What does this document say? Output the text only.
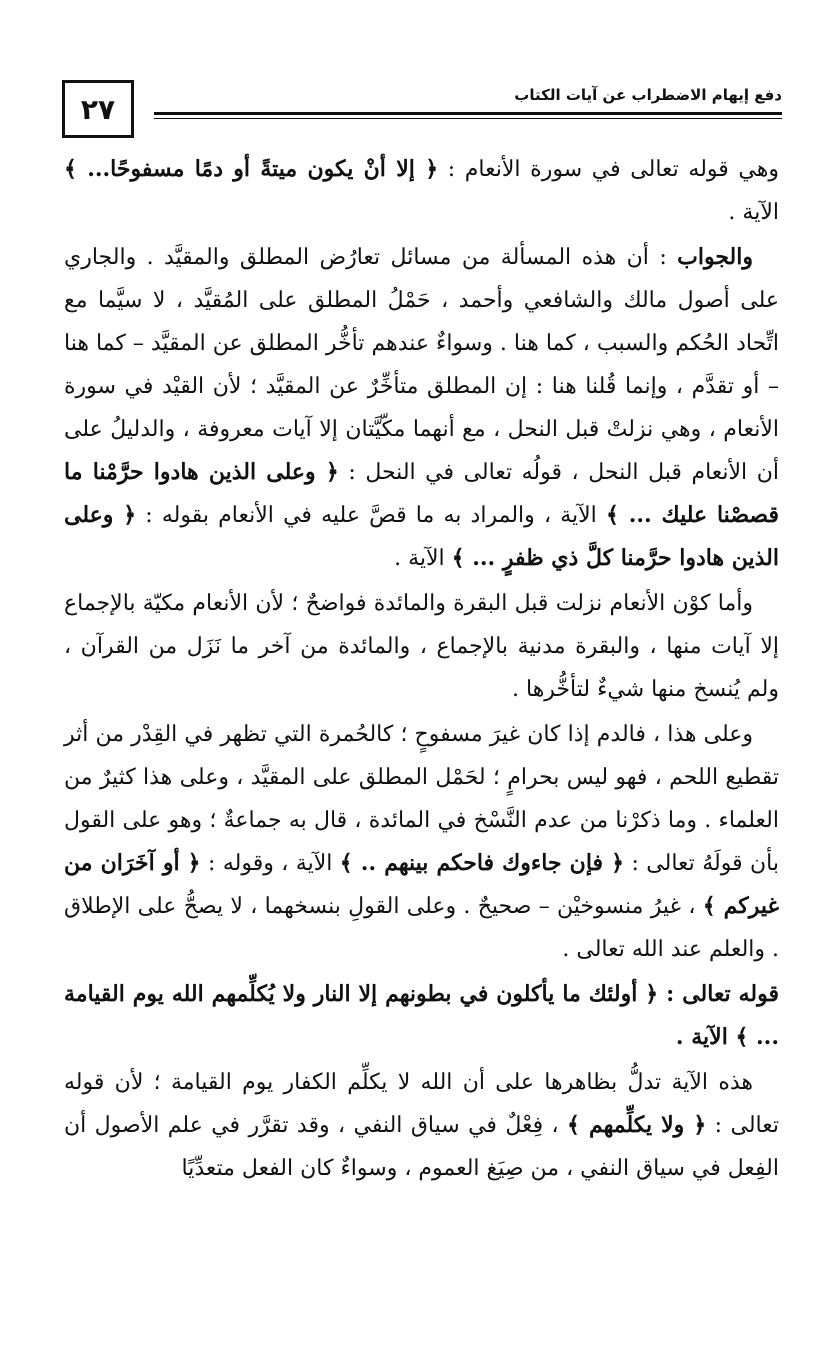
٢٧	دفع إيهام الاضطراب عن آيات الكتاب

وهي قوله تعالى في سورة الأنعام : ﴿ إلا أنْ يكون ميتةً أو دمًا مسفوحًا... ﴾ الآية .

والجواب : أن هذه المسألة من مسائل تعارُض المطلق والمقيَّد . والجاري على أصول مالك والشافعي وأحمد ، حَمْلُ المطلق على المُقيَّد ، لا سيَّما مع اتِّحاد الحُكم والسبب ، كما هنا . وسواءٌ عندهم تأخُّر المطلق عن المقيَّد – كما هنا – أو تقدَّم ، وإنما قُلنا هنا : إن المطلق متأخِّرٌ عن المقيَّد ؛ لأن القيْد في سورة الأنعام ، وهي نزلتْ قبل النحل ، مع أنهما مكّيَّتان إلا آيات معروفة ، والدليلُ على أن الأنعام قبل النحل ، قولُه تعالى في النحل : ﴿ وعلى الذين هادوا حرَّمْنا ما قصصْنا عليك ... ﴾ الآية ، والمراد به ما قصَّ عليه في الأنعام بقوله : ﴿ وعلى الذين هادوا حرَّمنا كلَّ ذي ظفرٍ ... ﴾ الآية .

وأما كوْن الأنعام نزلت قبل البقرة والمائدة فواضحٌ ؛ لأن الأنعام مكيّة بالإجماع إلا آيات منها ، والبقرة مدنية بالإجماع ، والمائدة من آخر ما نَزَل من القرآن ، ولم يُنسخ منها شيءٌ لتأخُّرها .

وعلى هذا ، فالدم إذا كان غيرَ مسفوحٍ ؛ كالحُمرة التي تظهر في القِدْر من أثر تقطيع اللحم ، فهو ليس بحرامٍ ؛ لحَمْل المطلق على المقيَّد ، وعلى هذا كثيرٌ من العلماء . وما ذكرْنا من عدم النَّسْخ في المائدة ، قال به جماعةٌ ؛ وهو على القول بأن قولَهُ تعالى : ﴿ فإن جاءوك فاحكم بينهم .. ﴾ الآية ، وقوله : ﴿ أو آخَرَان من غيركم ﴾ ، غيرُ منسوخيْن – صحيحٌ . وعلى القولِ بنسخهما ، لا يصحُّ على الإطلاق . والعلم عند الله تعالى .

قوله تعالى : ﴿ أولئك ما يأكلون في بطونهم إلا النار ولا يُكلِّمهم الله يوم القيامة ... ﴾ الآية .

هذه الآية تدلُّ بظاهرها على أن الله لا يكلِّم الكفار يوم القيامة ؛ لأن قوله تعالى : ﴿ ولا يكلِّمهم ﴾ ، فِعْلٌ في سياق النفي ، وقد تقرَّر في علم الأصول أن الفِعل في سياق النفي ، من صِيَغ العموم ، وسواءٌ كان الفعل متعدِّيًا
